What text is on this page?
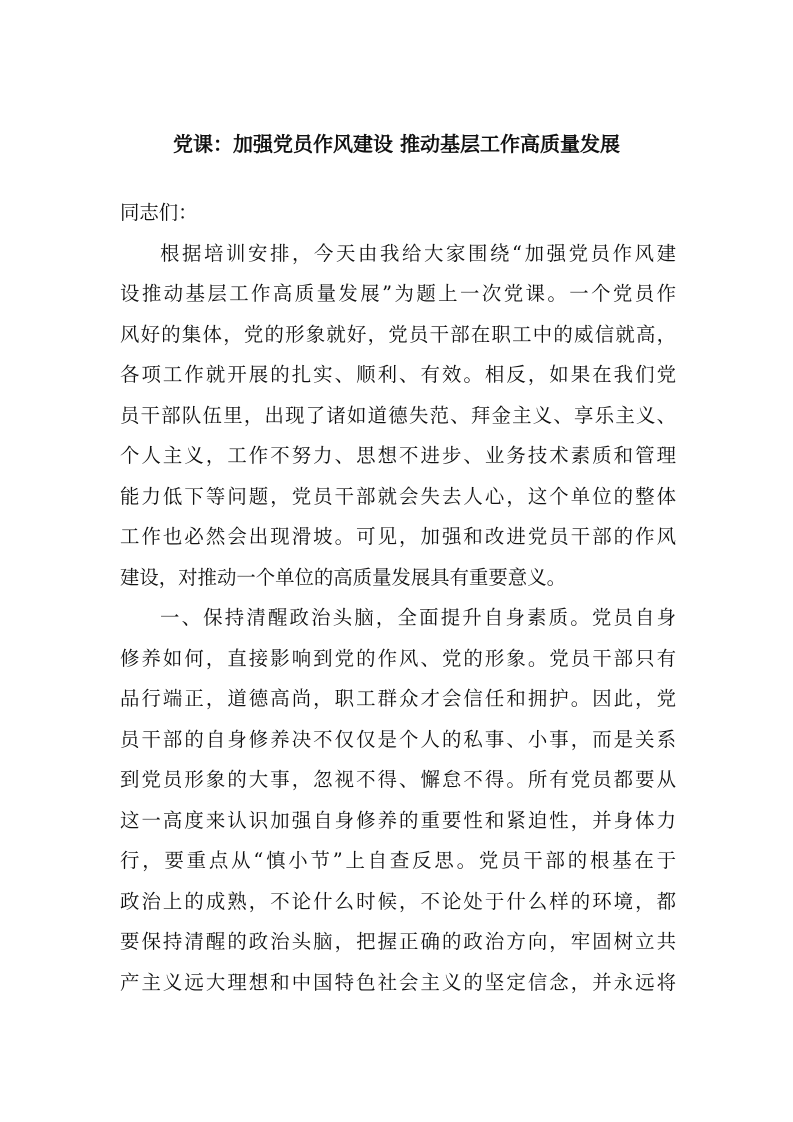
党课：加强党员作风建设 推动基层工作高质量发展
同志们：
根据培训安排，今天由我给大家围绕“加强党员作风建
设推动基层工作高质量发展”为题上一次党课。一个党员作
风好的集体，党的形象就好，党员干部在职工中的威信就高，
各项工作就开展的扎实、顺利、有效。相反，如果在我们党
员干部队伍里，出现了诸如道德失范、拜金主义、享乐主义、
个人主义，工作不努力、思想不进步、业务技术素质和管理
能力低下等问题，党员干部就会失去人心，这个单位的整体
工作也必然会出现滑坡。可见，加强和改进党员干部的作风
建设，对推动一个单位的高质量发展具有重要意义。
一、保持清醒政治头脑，全面提升自身素质。党员自身
修养如何，直接影响到党的作风、党的形象。党员干部只有
品行端正，道德高尚，职工群众才会信任和拥护。因此，党
员干部的自身修养决不仅仅是个人的私事、小事，而是关系
到党员形象的大事，忽视不得、懈怠不得。所有党员都要从
这一高度来认识加强自身修养的重要性和紧迫性，并身体力
行，要重点从“慎小节”上自查反思。党员干部的根基在于
政治上的成熟，不论什么时候，不论处于什么样的环境，都
要保持清醒的政治头脑，把握正确的政治方向，牢固树立共
产主义远大理想和中国特色社会主义的坚定信念，并永远将
